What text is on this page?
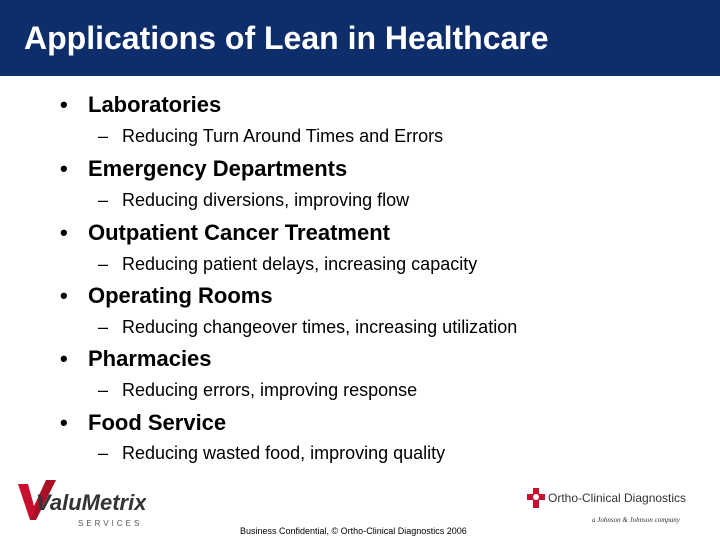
Applications of Lean in Healthcare
• Laboratories
– Reducing Turn Around Times and Errors
• Emergency Departments
– Reducing diversions, improving flow
• Outpatient Cancer Treatment
– Reducing patient delays, increasing capacity
• Operating Rooms
– Reducing changeover times, increasing utilization
• Pharmacies
– Reducing errors, improving response
• Food Service
– Reducing wasted food, improving quality
ValuMetrix
SERVICES
Ortho-Clinical Diagnostics
a Johnson & Johnson company
Business Confidential, © Ortho-Clinical Diagnostics 2006
